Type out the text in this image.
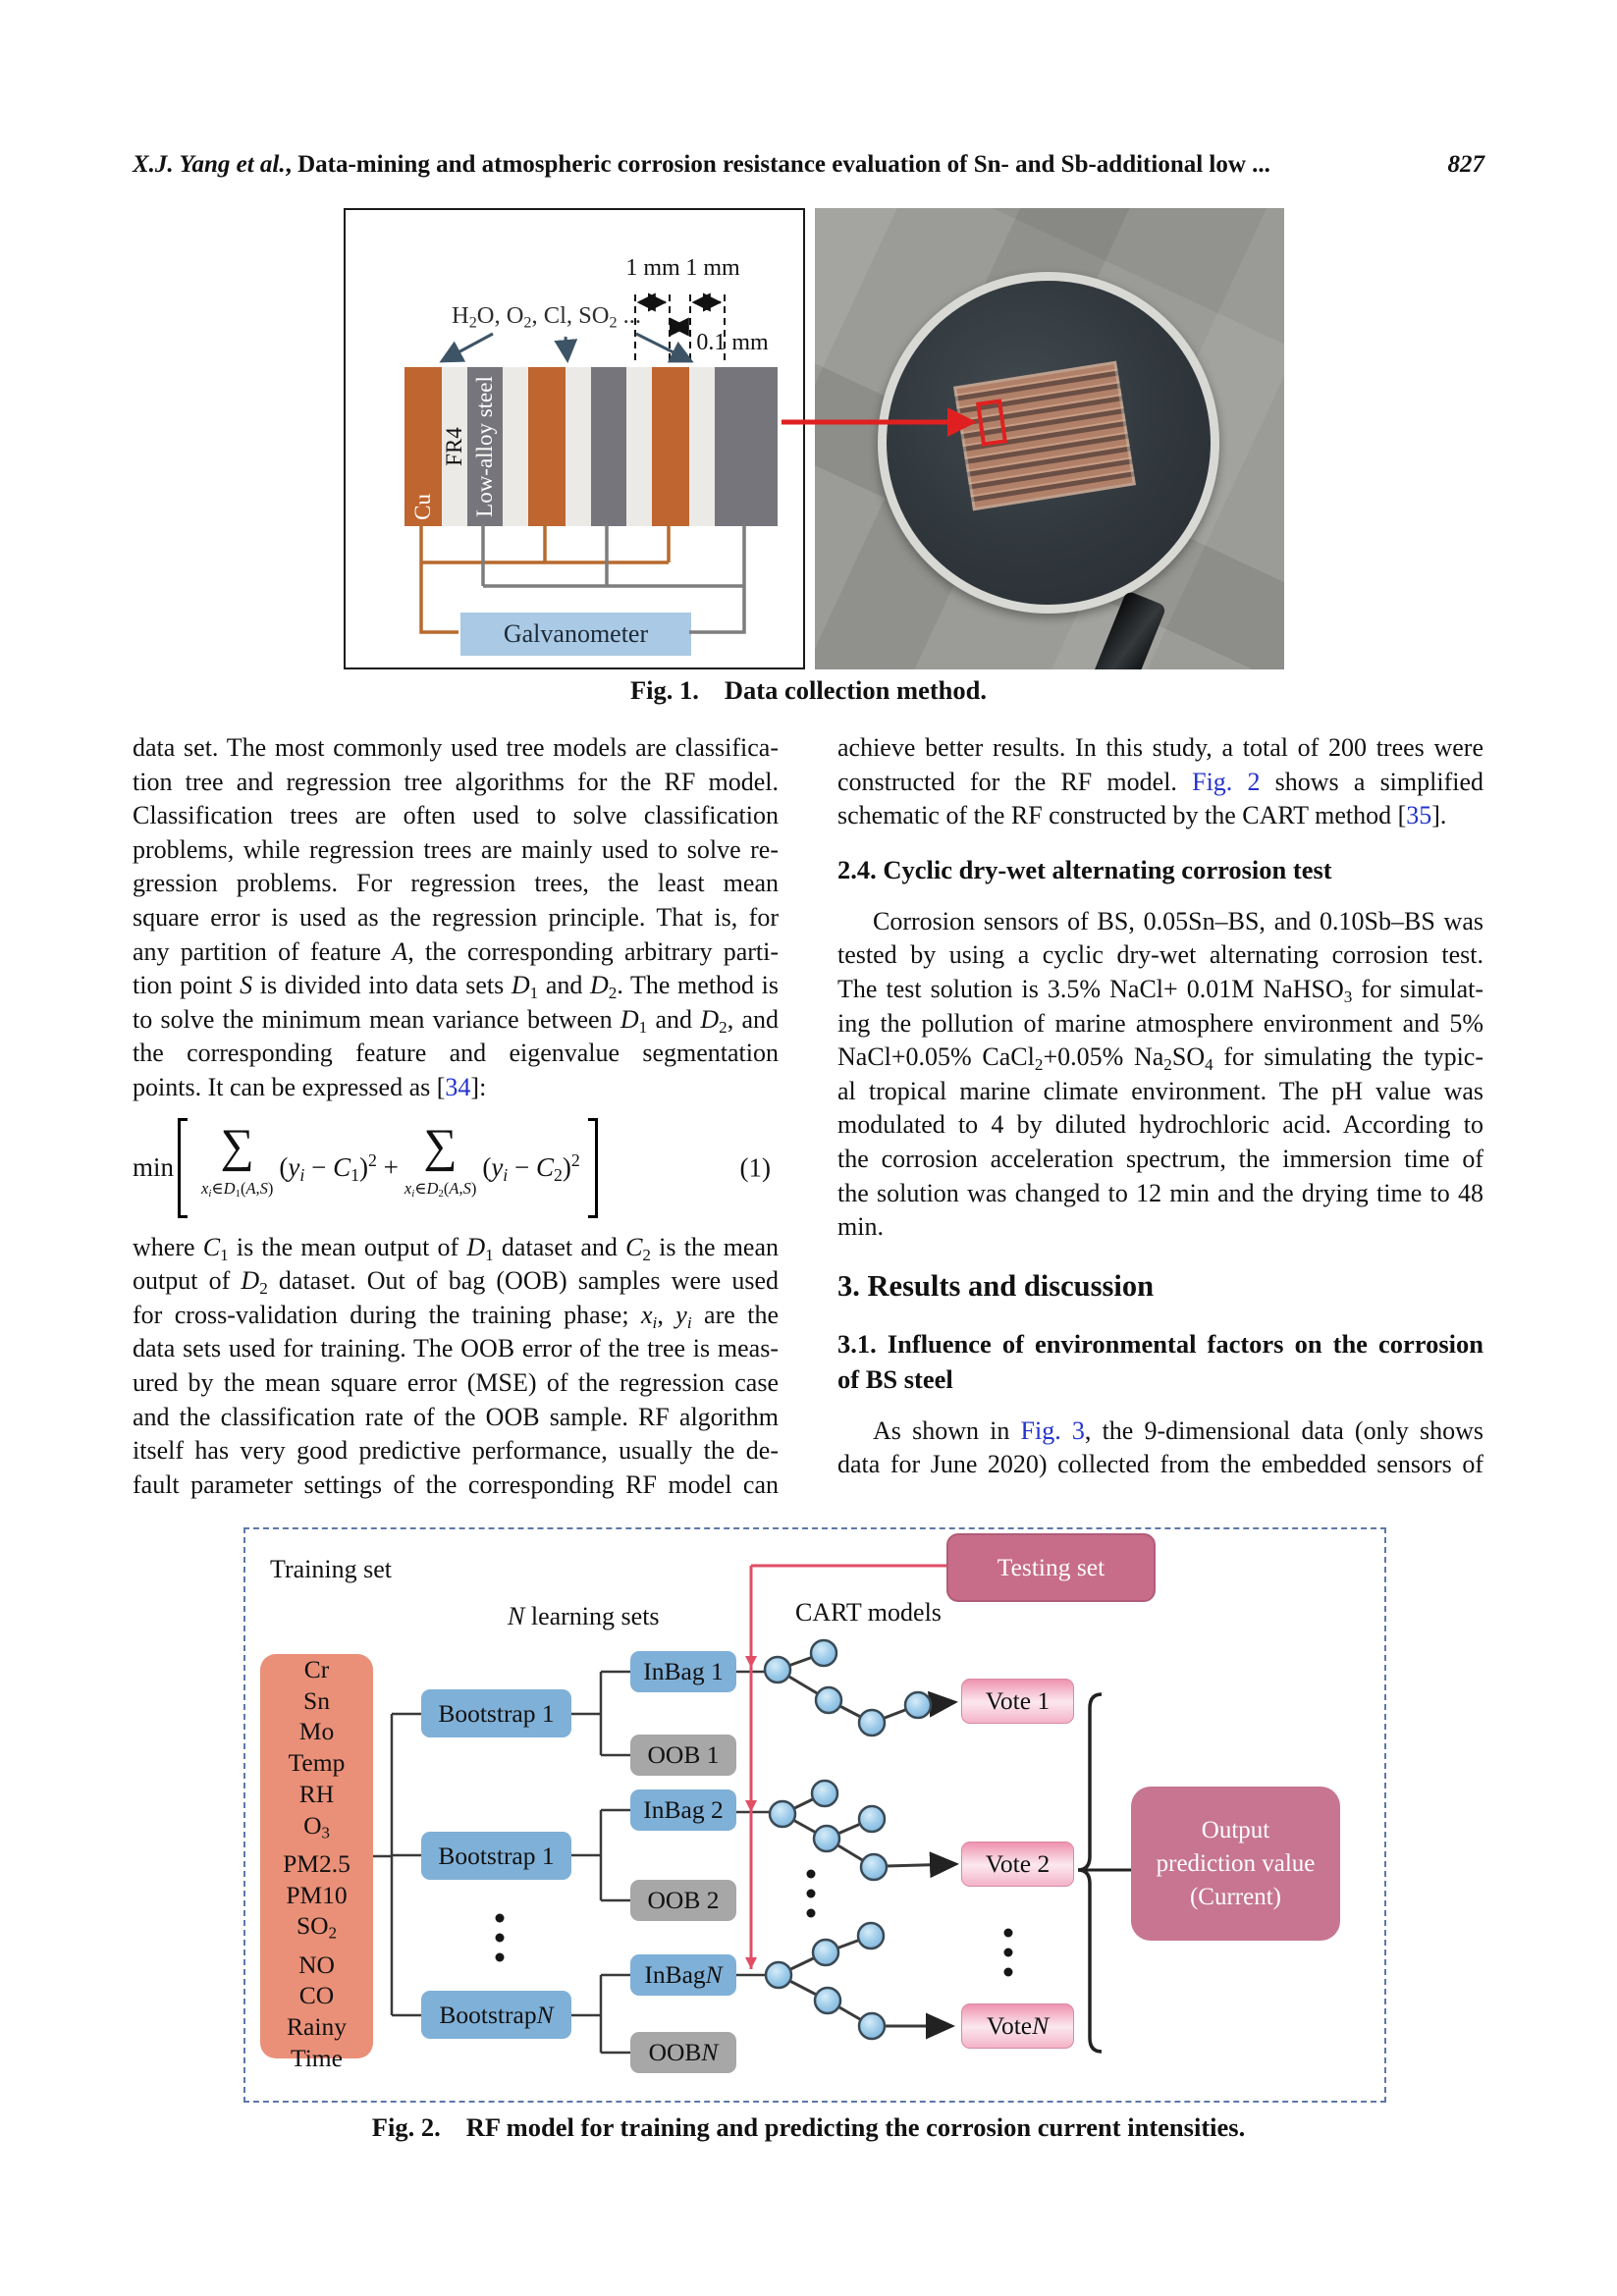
X.J. Yang et al., Data-mining and atmospheric corrosion resistance evaluation of Sn- and Sb-additional low ...	827
1 mm 1 mm
0.1 mm
$H_2O$, $O_2$, Cl, $SO_2$ ...
Cu
FR4 Low-alloy steel
Galvanometer
Fig. 1. Data collection method.
data set. The most commonly used tree models are classifica-
tion tree and regression tree algorithms for the RF model.
Classification trees are often used to solve classification
problems, while regression trees are mainly used to solve re-
gression problems. For regression trees, the least mean
square error is used as the regression principle. That is, for
any partition of feature A, the corresponding arbitrary parti-
tion point S is divided into data sets $D_1$ and $D_2$. The method is
to solve the minimum mean variance between $D_1$ and $D_2$, and
the corresponding feature and eigenvalue segmentation
points. It can be expressed as [34]:
min ∑
$x_i\in D_1(A,S)$
$(y_i - C_1)^2$ + ∑
$x_i\in D_2(A,S)$
$(y_i - C_2)^2$	(1)
where $C_1$ is the mean output of $D_1$ dataset and $C_2$ is the mean
output of $D_2$ dataset. Out of bag (OOB) samples were used
for cross-validation during the training phase; $x_i$, $y_i$ are the
data sets used for training. The OOB error of the tree is meas-
ured by the mean square error (MSE) of the regression case
and the classification rate of the OOB sample. RF algorithm
itself has very good predictive performance, usually the de-
fault parameter settings of the corresponding RF model can
achieve better results. In this study, a total of 200 trees were
constructed for the RF model. Fig. 2 shows a simplified
schematic of the RF constructed by the CART method [35].
2.4. Cyclic dry-wet alternating corrosion test
Corrosion sensors of BS, 0.05Sn–BS, and 0.10Sb–BS was
tested by using a cyclic dry-wet alternating corrosion test.
The test solution is 3.5% NaCl+ 0.01M NaHSO$_3$ for simulat-
ing the pollution of marine atmosphere environment and 5%
NaCl+0.05% CaCl$_2$+0.05% $Na_2SO_4$ for simulating the typic-
al tropical marine climate environment. The pH value was
modulated to 4 by diluted hydrochloric acid. According to
the corrosion acceleration spectrum, the immersion time of
the solution was changed to 12 min and the drying time to 48
min.
3. Results and discussion
3.1. Influence of environmental factors on the corrosion
of BS steel
As shown in Fig. 3, the 9-dimensional data (only shows
data for June 2020) collected from the embedded sensors of
Training set
N learning sets	CART models
Testing set
Cr
Sn
Mo
Temp
RH
$O_3$
PM2.5
PM10
$SO_2$
NO
CO
Rainy
Time
Bootstrap 1
Bootstrap 1
Bootstrap N
InBag 1
OOB 1
InBag 2
OOB 2
InBag N
OOB N
Vote 1
Vote 2
Vote N
Output
prediction value
(Current)
Fig. 2. RF model for training and predicting the corrosion current intensities.
